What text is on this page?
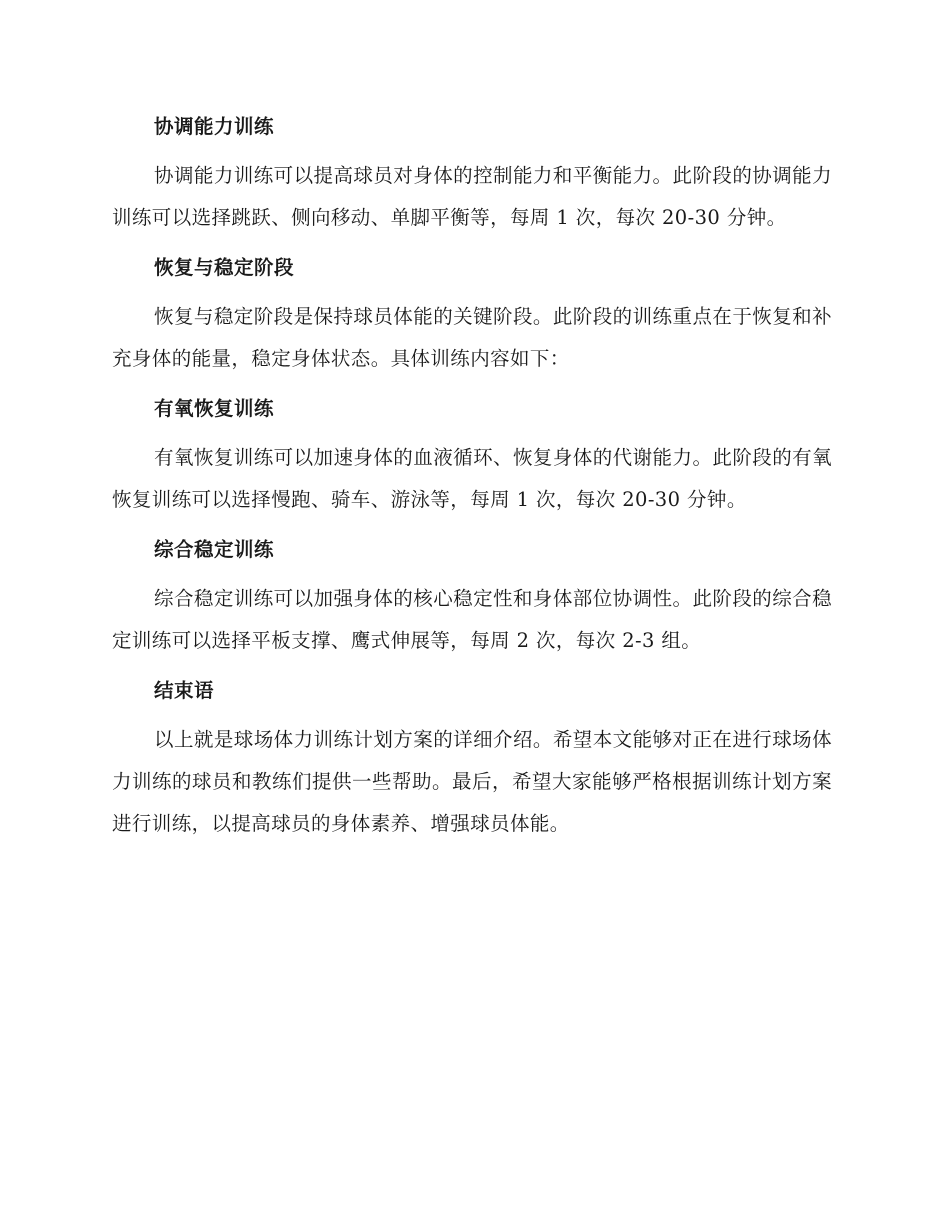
协调能力训练

协调能力训练可以提高球员对身体的控制能力和平衡能力。此阶段的协调能力训练可以选择跳跃、侧向移动、单脚平衡等，每周 1 次，每次 20-30 分钟。

恢复与稳定阶段

恢复与稳定阶段是保持球员体能的关键阶段。此阶段的训练重点在于恢复和补充身体的能量，稳定身体状态。具体训练内容如下：

有氧恢复训练

有氧恢复训练可以加速身体的血液循环、恢复身体的代谢能力。此阶段的有氧恢复训练可以选择慢跑、骑车、游泳等，每周 1 次，每次 20-30 分钟。

综合稳定训练

综合稳定训练可以加强身体的核心稳定性和身体部位协调性。此阶段的综合稳定训练可以选择平板支撑、鹰式伸展等，每周 2 次，每次 2-3 组。

结束语

以上就是球场体力训练计划方案的详细介绍。希望本文能够对正在进行球场体力训练的球员和教练们提供一些帮助。最后，希望大家能够严格根据训练计划方案进行训练，以提高球员的身体素养、增强球员体能。
